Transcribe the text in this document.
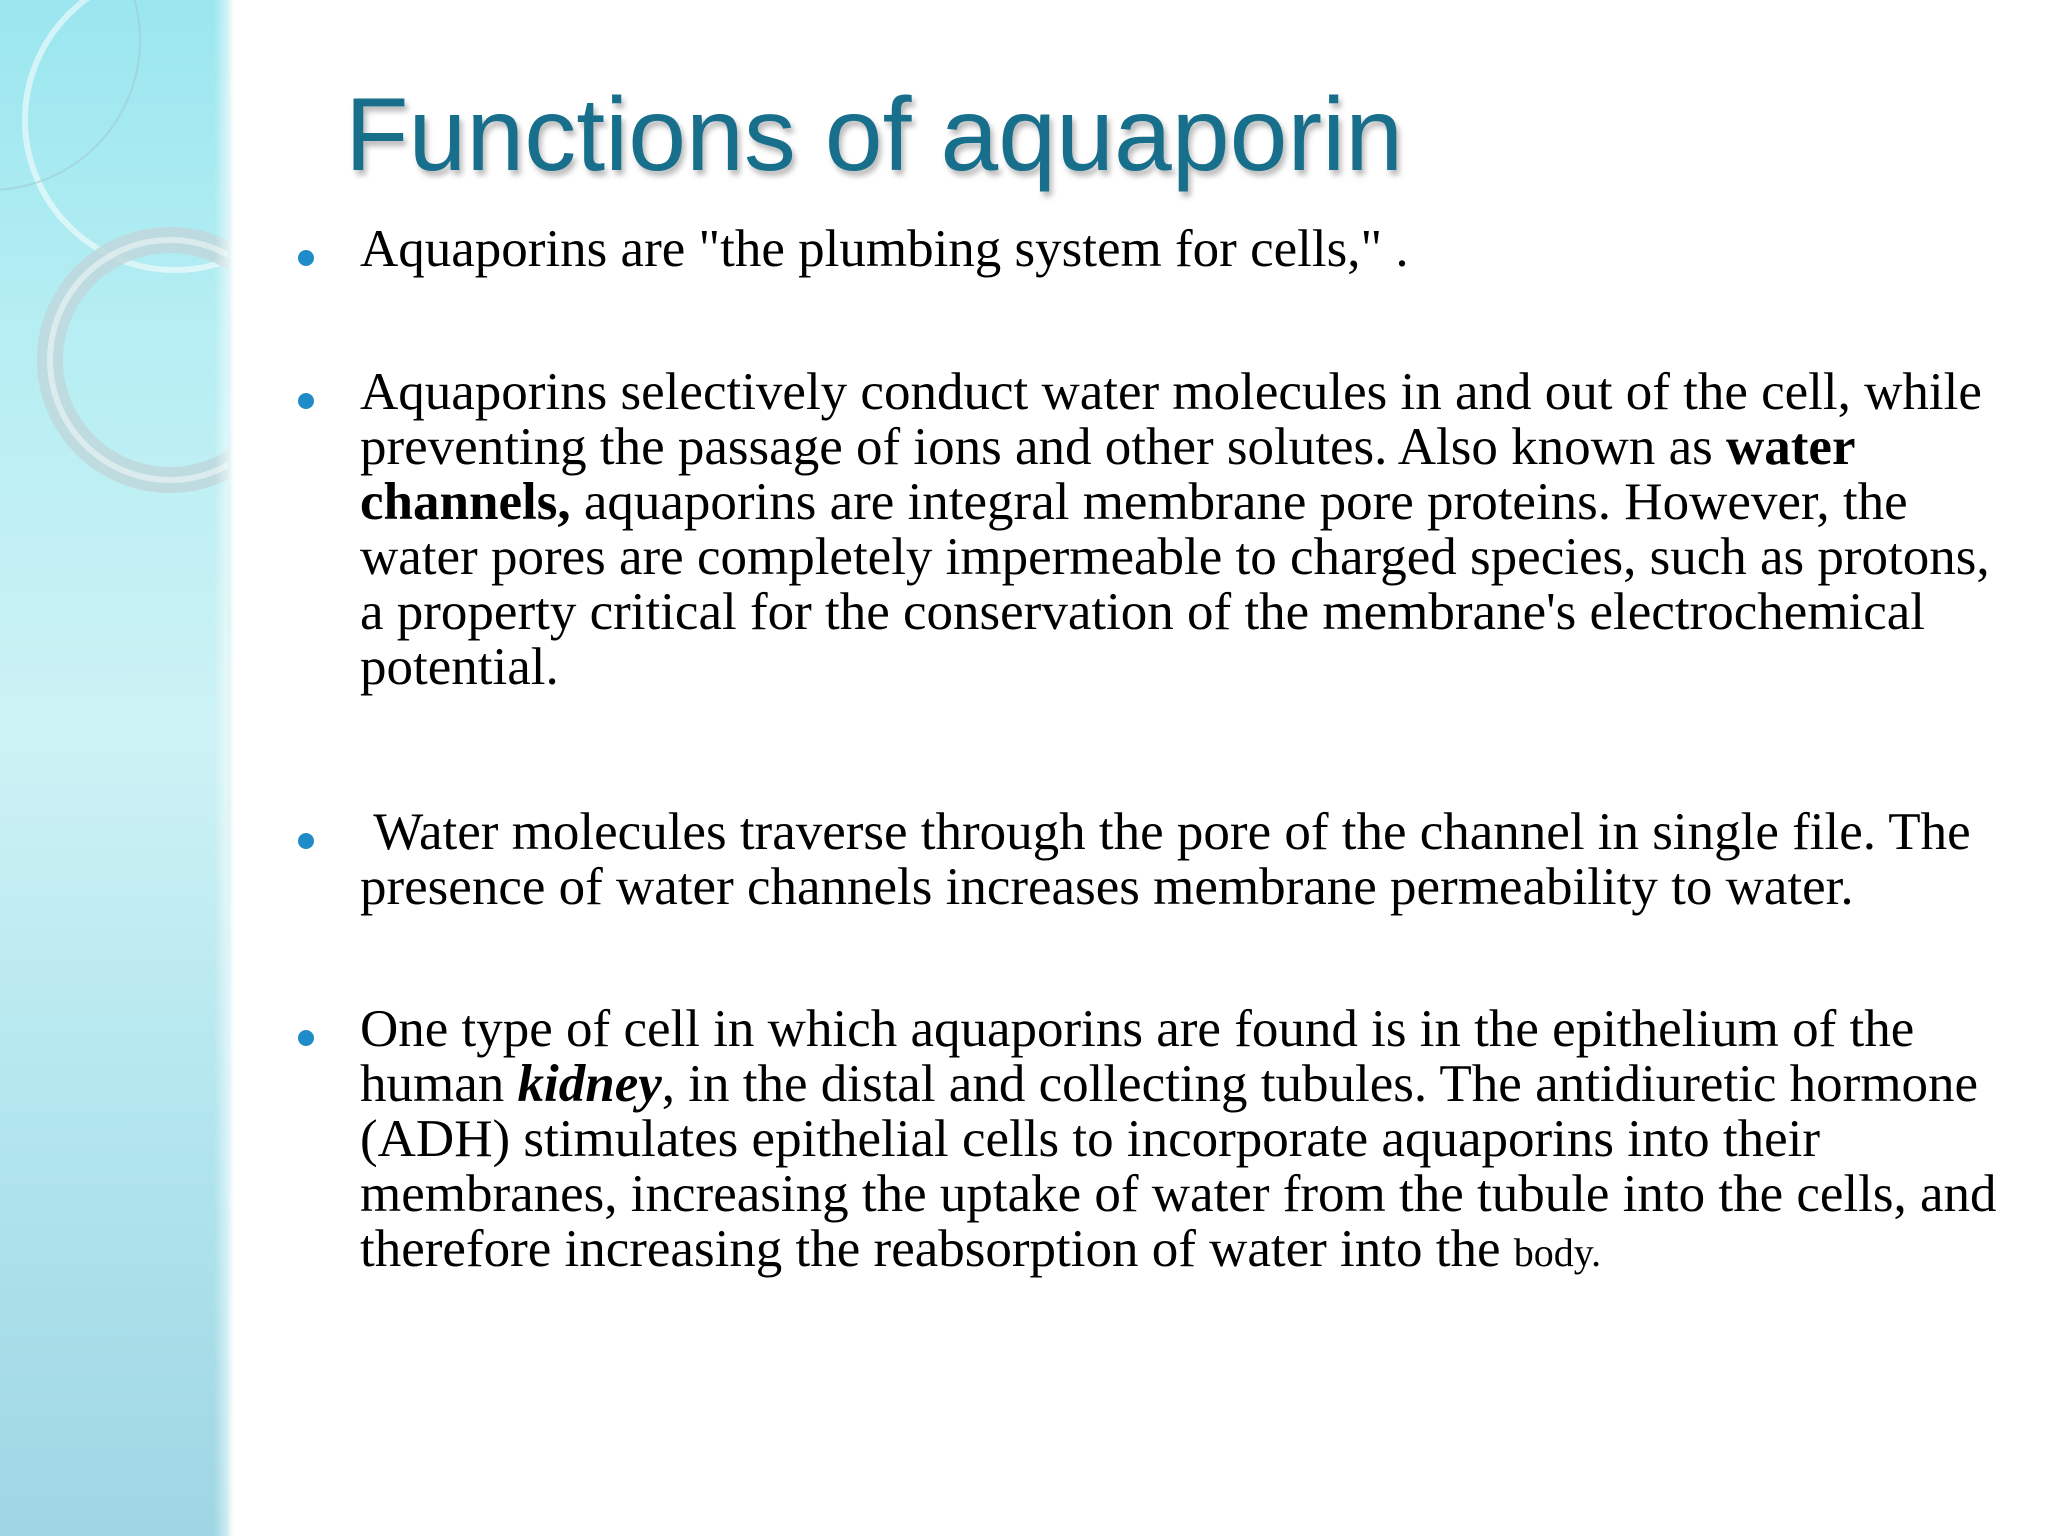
Functions of aquaporin
Aquaporins are "the plumbing system for cells," .
Aquaporins selectively conduct water molecules in and out of the cell, while preventing the passage of ions and other solutes. Also known as water channels, aquaporins are integral membrane pore proteins. However, the water pores are completely impermeable to charged species, such as protons, a property critical for the conservation of the membrane's electrochemical potential.
Water molecules traverse through the pore of the channel in single file. The presence of water channels increases membrane permeability to water.
One type of cell in which aquaporins are found is in the epithelium of the human kidney, in the distal and collecting tubules. The antidiuretic hormone (ADH) stimulates epithelial cells to incorporate aquaporins into their membranes, increasing the uptake of water from the tubule into the cells, and therefore increasing the reabsorption of water into the body.
